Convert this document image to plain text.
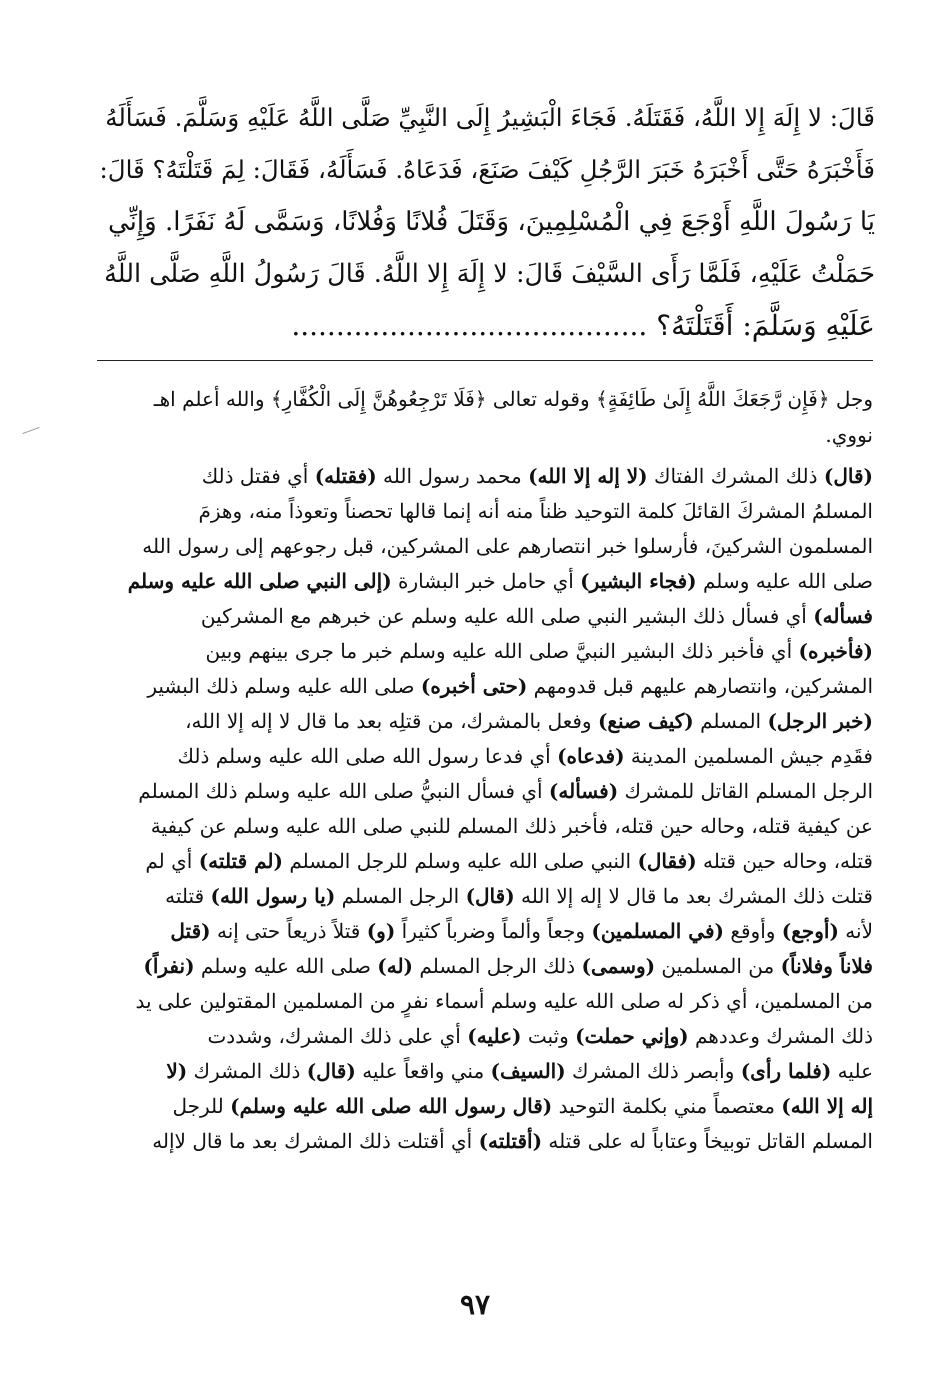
قَالَ: لا إِلَهَ إِلا اللَّهُ، فَقَتَلَهُ. فَجَاءَ الْبَشِيرُ إِلَى النَّبِيِّ صَلَّى اللَّهُ عَلَيْهِ وَسَلَّمَ. فَسَأَلَهُ
فَأَخْبَرَهُ حَتَّى أَخْبَرَهُ خَبَرَ الرَّجُلِ كَيْفَ صَنَعَ، فَدَعَاهُ. فَسَأَلَهُ، فَقَالَ: لِمَ قَتَلْتَهُ؟ قَالَ:
يَا رَسُولَ اللَّهِ أَوْجَعَ فِي الْمُسْلِمِينَ، وَقَتَلَ فُلانًا وَفُلانًا، وَسَمَّى لَهُ نَفَرًا. وَإِنِّي
حَمَلْتُ عَلَيْهِ، فَلَمَّا رَأَى السَّيْفَ قَالَ: لا إِلَهَ إِلا اللَّهُ. قَالَ رَسُولُ اللَّهِ صَلَّى اللَّهُ
عَلَيْهِ وَسَلَّمَ: أَقَتَلْتَهُ؟ ........................................
وجل ﴿فَإِن رَّجَعَكَ اللَّهُ إِلَىٰ طَائِفَةٍ﴾ وقوله تعالى ﴿فَلَا تَرْجِعُوهُنَّ إِلَى الْكُفَّارِ﴾ والله أعلم اهـ
نووي.
(قال) ذلك المشرك الفتاك (لا إله إلا الله) محمد رسول الله (فقتله) أي فقتل ذلك
المسلمُ المشركَ القائلَ كلمة التوحيد ظناً منه أنه إنما قالها تحصناً وتعوذاً منه، وهزمَ
المسلمون الشركينَ، فأرسلوا خبر انتصارهم على المشركين، قبل رجوعهم إلى رسول الله
صلى الله عليه وسلم (فجاء البشير) أي حامل خبر البشارة (إلى النبي صلى الله عليه وسلم
فسأله) أي فسأل ذلك البشير النبي صلى الله عليه وسلم عن خبرهم مع المشركين
(فأخبره) أي فأخبر ذلك البشير النبيَّ صلى الله عليه وسلم خبر ما جرى بينهم وبين
المشركين، وانتصارهم عليهم قبل قدومهم (حتى أخبره) صلى الله عليه وسلم ذلك البشير
(خبر الرجل) المسلم (كيف صنع) وفعل بالمشرك، من قتلِه بعد ما قال لا إله إلا الله،
فقَدِم جيش المسلمين المدينة (فدعاه) أي فدعا رسول الله صلى الله عليه وسلم ذلك
الرجل المسلم القاتل للمشرك (فسأله) أي فسأل النبيُّ صلى الله عليه وسلم ذلك المسلم
عن كيفية قتله، وحاله حين قتله، فأخبر ذلك المسلم للنبي صلى الله عليه وسلم عن كيفية
قتله، وحاله حين قتله (فقال) النبي صلى الله عليه وسلم للرجل المسلم (لم قتلته) أي لم
قتلت ذلك المشرك بعد ما قال لا إله إلا الله (قال) الرجل المسلم (يا رسول الله) قتلته
لأنه (أوجع) وأوقع (في المسلمين) وجعاً وألماً وضرباً كثيراً (و) قتلاً ذريعاً حتى إنه (قتل
فلاناً وفلاناً) من المسلمين (وسمى) ذلك الرجل المسلم (له) صلى الله عليه وسلم (نفراً)
من المسلمين، أي ذكر له صلى الله عليه وسلم أسماء نفرٍ من المسلمين المقتولين على يد
ذلك المشرك وعددهم (وإني حملت) وثبت (عليه) أي على ذلك المشرك، وشددت
عليه (فلما رأى) وأبصر ذلك المشرك (السيف) مني واقعاً عليه (قال) ذلك المشرك (لا
إله إلا الله) معتصماً مني بكلمة التوحيد (قال رسول الله صلى الله عليه وسلم) للرجل
المسلم القاتل توبيخاً وعتاباً له على قتله (أقتلته) أي أقتلت ذلك المشرك بعد ما قال لاإله
٩٧
